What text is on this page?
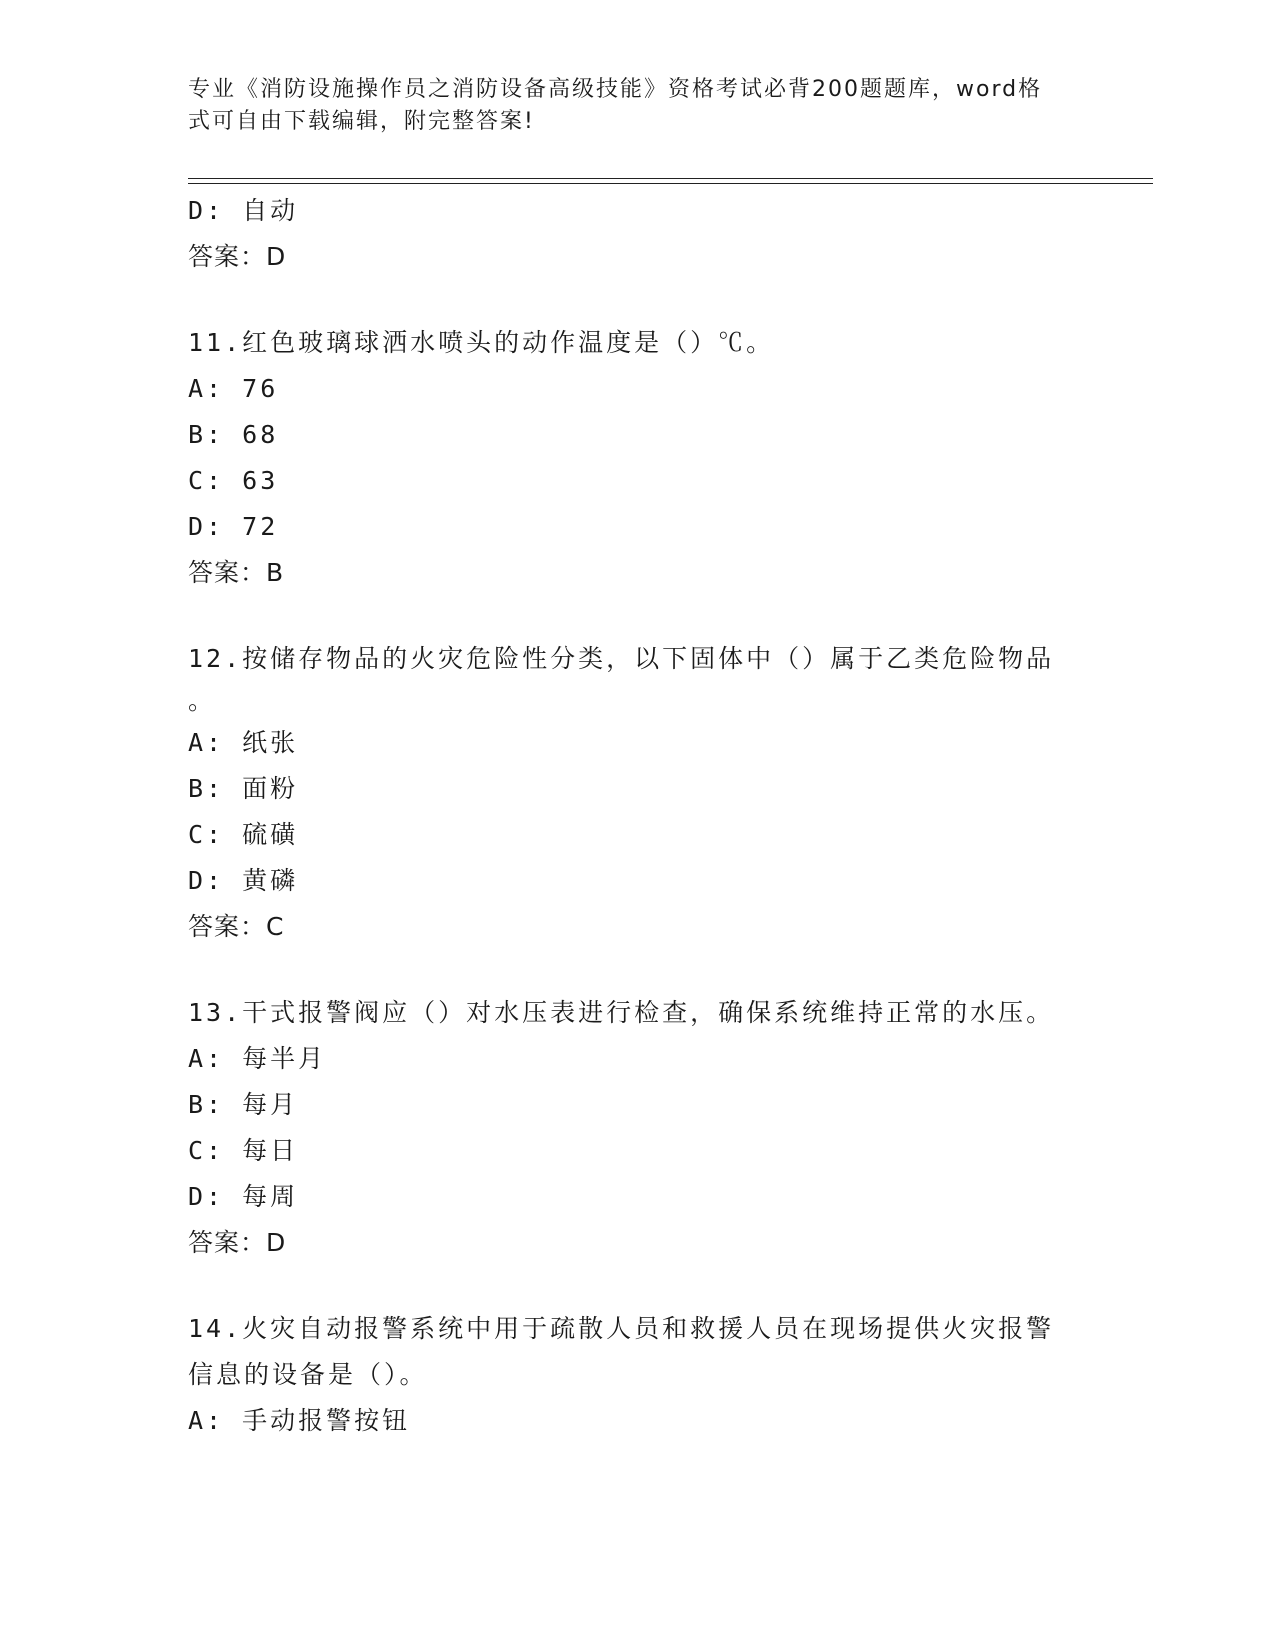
专业《消防设施操作员之消防设备高级技能》资格考试必背200题题库，word格
式可自由下载编辑，附完整答案!
D: 自动
答案：D
11.红色玻璃球洒水喷头的动作温度是（）℃。
A: 76
B: 68
C: 63
D: 72
答案：B
12.按储存物品的火灾危险性分类，以下固体中（）属于乙类危险物品
。
A: 纸张
B: 面粉
C: 硫磺
D: 黄磷
答案：C
13.干式报警阀应（）对水压表进行检查，确保系统维持正常的水压。
A: 每半月
B: 每月
C: 每日
D: 每周
答案：D
14.火灾自动报警系统中用于疏散人员和救援人员在现场提供火灾报警
信息的设备是（）。
A: 手动报警按钮
